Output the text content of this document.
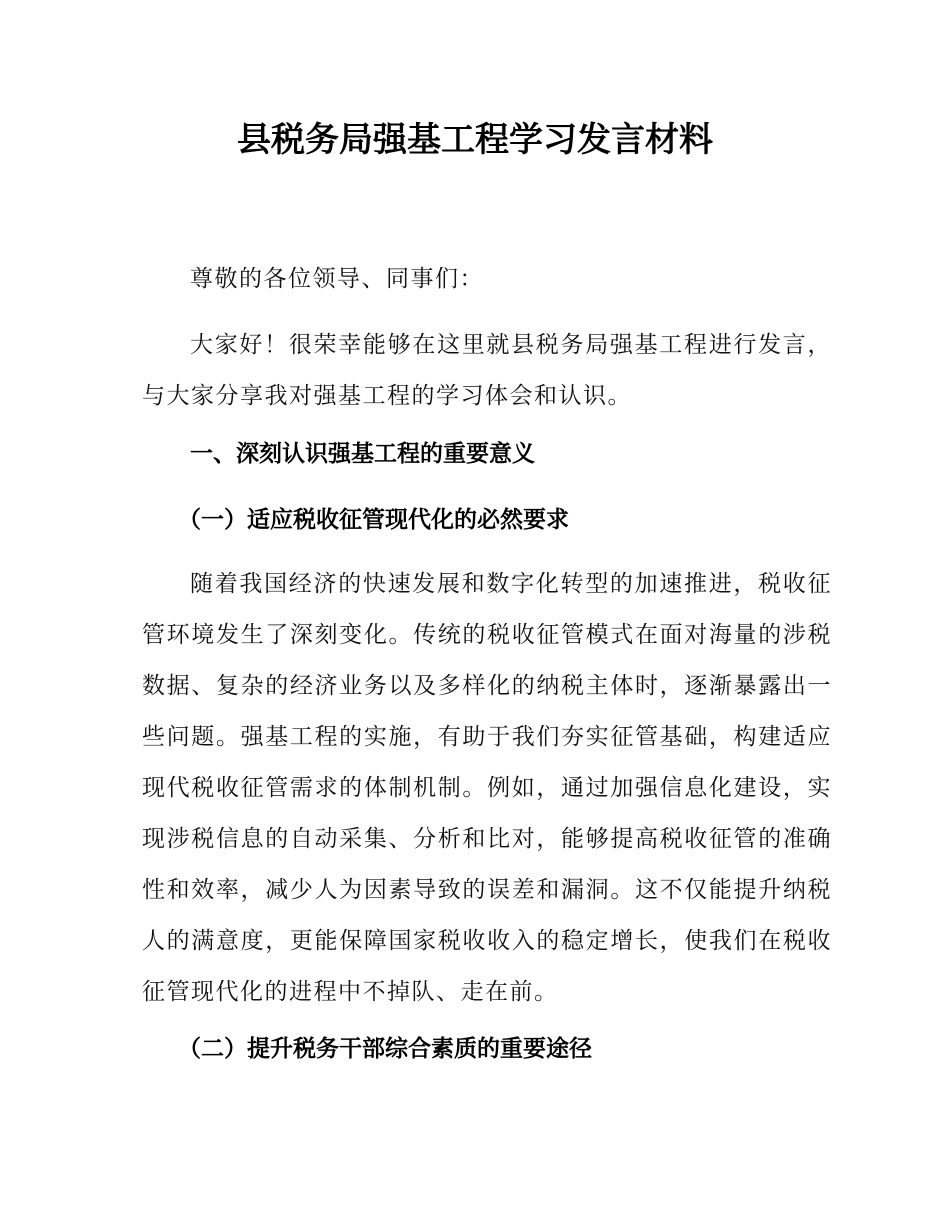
县税务局强基工程学习发言材料

尊敬的各位领导、同事们：

大家好！很荣幸能够在这里就县税务局强基工程进行发言，与大家分享我对强基工程的学习体会和认识。

一、深刻认识强基工程的重要意义
（一）适应税收征管现代化的必然要求

随着我国经济的快速发展和数字化转型的加速推进，税收征管环境发生了深刻变化。传统的税收征管模式在面对海量的涉税数据、复杂的经济业务以及多样化的纳税主体时，逐渐暴露出一些问题。强基工程的实施，有助于我们夯实征管基础，构建适应现代税收征管需求的体制机制。例如，通过加强信息化建设，实现涉税信息的自动采集、分析和比对，能够提高税收征管的准确性和效率，减少人为因素导致的误差和漏洞。这不仅能提升纳税人的满意度，更能保障国家税收收入的稳定增长，使我们在税收征管现代化的进程中不掉队、走在前。

（二）提升税务干部综合素质的重要途径
